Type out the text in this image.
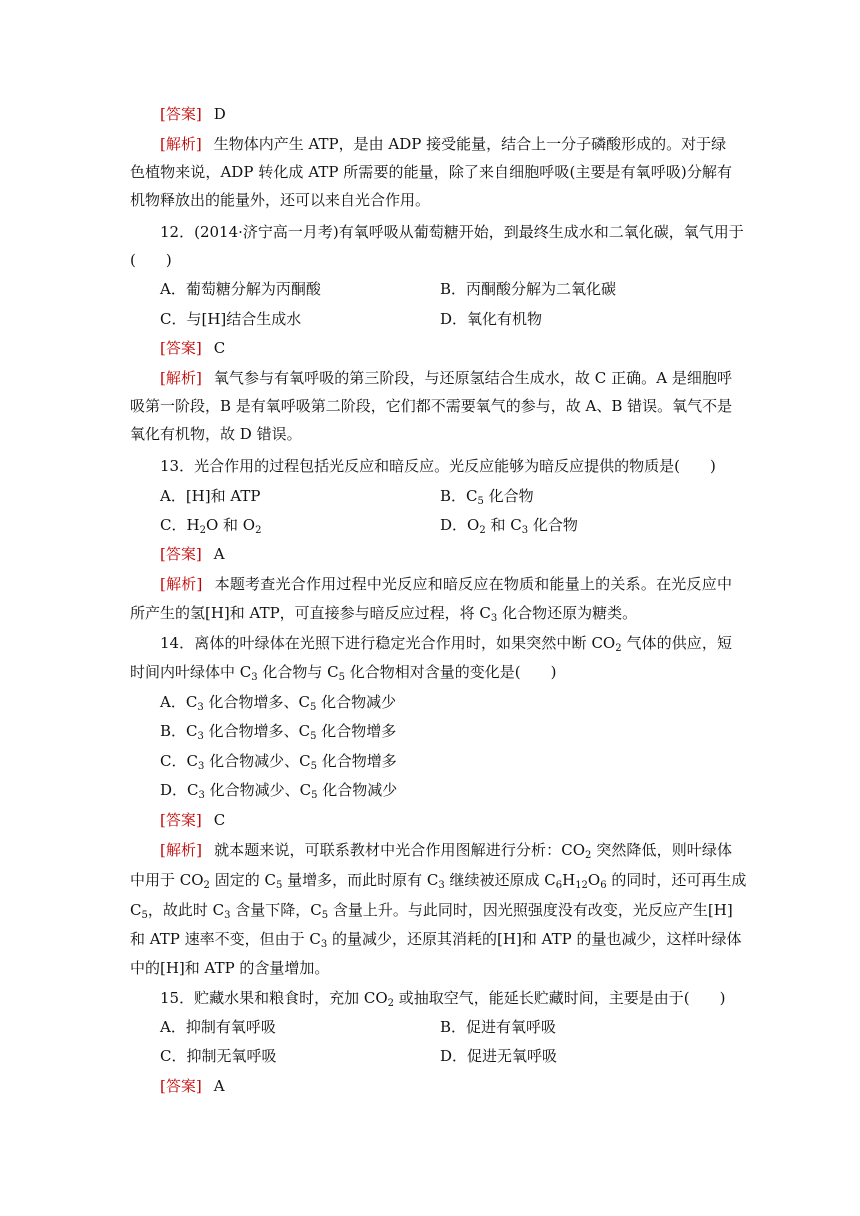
[答案] D
[解析] 生物体内产生 ATP，是由 ADP 接受能量，结合上一分子磷酸形成的。对于绿
色植物来说，ADP 转化成 ATP 所需要的能量，除了来自细胞呼吸(主要是有氧呼吸)分解有
机物释放出的能量外，还可以来自光合作用。
12．(2014·济宁高一月考)有氧呼吸从葡萄糖开始，到最终生成水和二氧化碳，氧气用于
(　　)
A．葡萄糖分解为丙酮酸	B．丙酮酸分解为二氧化碳
C．与[H]结合生成水	D．氧化有机物
[答案] C
[解析] 氧气参与有氧呼吸的第三阶段，与还原氢结合生成水，故 C 正确。A 是细胞呼
吸第一阶段，B 是有氧呼吸第二阶段，它们都不需要氧气的参与，故 A、B 错误。氧气不是
氧化有机物，故 D 错误。
13．光合作用的过程包括光反应和暗反应。光反应能够为暗反应提供的物质是(　　)
A．[H]和 ATP	B．$C_5$ 化合物
C．$H_2O$ 和 $O_2$	D．$O_2$ 和 $C_3$ 化合物
[答案] A
[解析] 本题考查光合作用过程中光反应和暗反应在物质和能量上的关系。在光反应中
所产生的氢[H]和 ATP，可直接参与暗反应过程，将 $C_3$ 化合物还原为糖类。
14．离体的叶绿体在光照下进行稳定光合作用时，如果突然中断 $CO_2$ 气体的供应，短
时间内叶绿体中 $C_3$ 化合物与 $C_5$ 化合物相对含量的变化是(　　)
A．$C_3$ 化合物增多、$C_5$ 化合物减少
B．$C_3$ 化合物增多、$C_5$ 化合物增多
C．$C_3$ 化合物减少、$C_5$ 化合物增多
D．$C_3$ 化合物减少、$C_5$ 化合物减少
[答案] C
[解析] 就本题来说，可联系教材中光合作用图解进行分析：$CO_2$ 突然降低，则叶绿体
中用于 $CO_2$ 固定的 $C_5$ 量增多，而此时原有 $C_3$ 继续被还原成 $C_6H_{12}O_6$ 的同时，还可再生成
$C_5$，故此时 $C_3$ 含量下降，$C_5$ 含量上升。与此同时，因光照强度没有改变，光反应产生[H]
和 ATP 速率不变，但由于 $C_3$ 的量减少，还原其消耗的[H]和 ATP 的量也减少，这样叶绿体
中的[H]和 ATP 的含量增加。
15．贮藏水果和粮食时，充加 $CO_2$ 或抽取空气，能延长贮藏时间，主要是由于(　　)
A．抑制有氧呼吸	B．促进有氧呼吸
C．抑制无氧呼吸	D．促进无氧呼吸
[答案] A
